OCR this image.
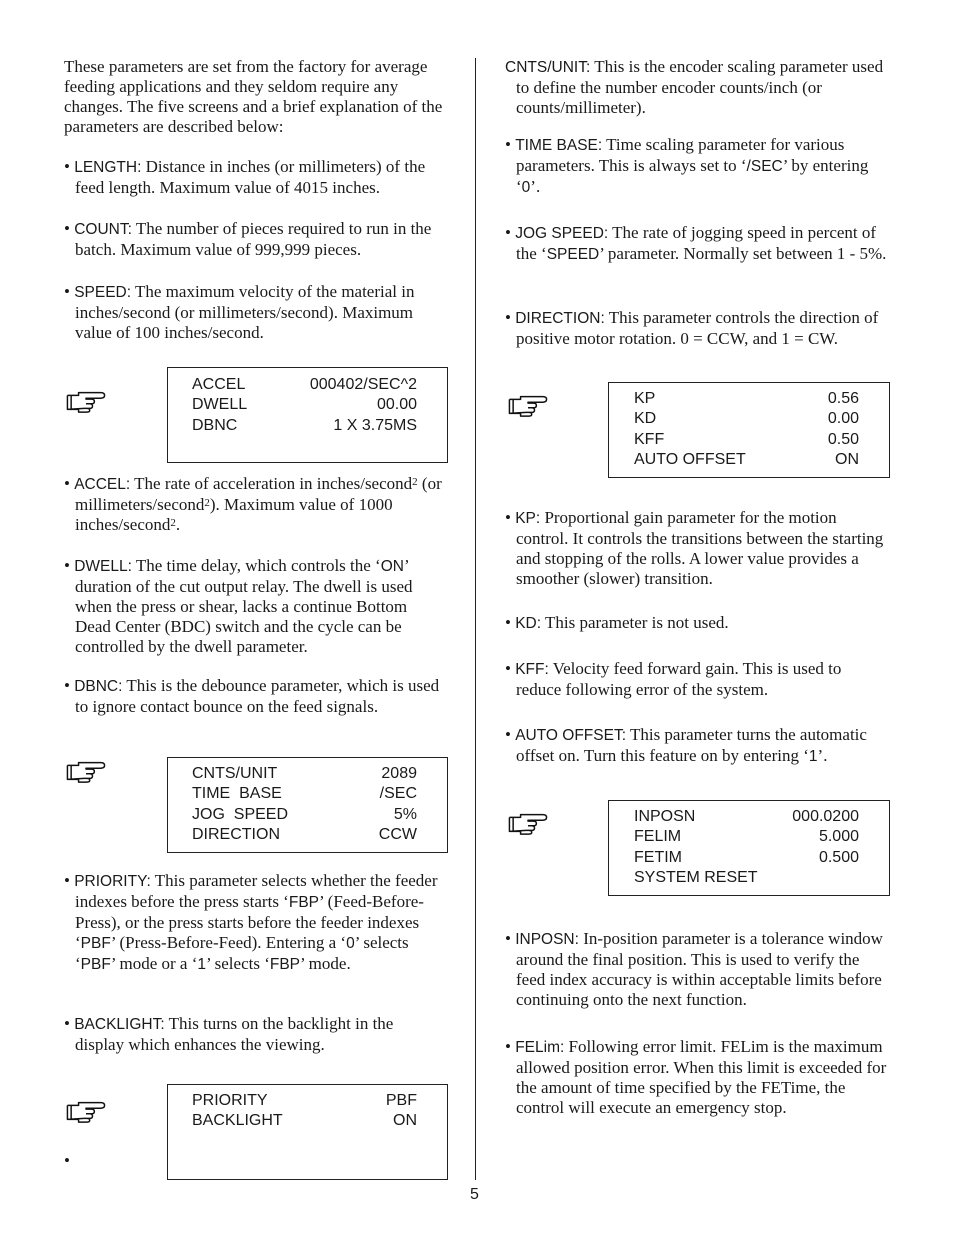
These parameters are set from the factory for average feeding applications and they seldom require any changes. The five screens and a brief explanation of the parameters are described below:
• LENGTH: Distance in inches (or millimeters) of the feed length. Maximum value of 4015 inches.
• COUNT: The number of pieces required to run in the batch. Maximum value of 999,999 pieces.
• SPEED: The maximum velocity of the material in inches/second (or millimeters/second). Maximum value of 100 inches/second.
ACCEL	000402/SEC^2
DWELL	00.00
DBNC	1 X 3.75MS
• ACCEL: The rate of acceleration in inches/second$^2$ (or millimeters/second$^2$). Maximum value of 1000 inches/second$^2$.
• DWELL: The time delay, which controls the ‘ON’ duration of the cut output relay. The dwell is used when the press or shear, lacks a continue Bottom Dead Center (BDC) switch and the cycle can be controlled by the dwell parameter.
• DBNC: This is the debounce parameter, which is used to ignore contact bounce on the feed signals.
CNTS/UNIT	2089
TIME  BASE	/SEC
JOG  SPEED	5%
DIRECTION	CCW
• PRIORITY: This parameter selects whether the feeder indexes before the press starts ‘FBP’ (Feed-Before-Press), or the press starts before the feeder indexes ‘PBF’ (Press-Before-Feed). Entering a ‘0’ selects ‘PBF’ mode or a ‘1’ selects ‘FBP’ mode.
• BACKLIGHT: This turns on the backlight in the display which enhances the viewing.
•
PRIORITY	PBF
BACKLIGHT	ON
CNTS/UNIT: This is the encoder scaling parameter used to define the number encoder counts/inch (or counts/millimeter).
• TIME BASE: Time scaling parameter for various parameters. This is always set to ‘/SEC’ by entering ‘0’.
• JOG SPEED: The rate of jogging speed in percent of the ‘SPEED’ parameter. Normally set between 1 - 5%.
• DIRECTION: This parameter controls the direction of positive motor rotation. 0 = CCW, and 1 = CW.
KP	0.56
KD	0.00
KFF	0.50
AUTO OFFSET	ON
• KP: Proportional gain parameter for the motion control. It controls the transitions between the starting and stopping of the rolls. A lower value provides a smoother (slower) transition.
• KD: This parameter is not used.
• KFF: Velocity feed forward gain. This is used to reduce following error of the system.
• AUTO OFFSET: This parameter turns the automatic offset on. Turn this feature on by entering ‘1’.
INPOSN	000.0200
FELIM	5.000
FETIM	0.500
SYSTEM RESET
• INPOSN: In-position parameter is a tolerance window around the final position. This is used to verify the feed index accuracy is within acceptable limits before continuing onto the next function.
• FELim: Following error limit. FELim is the maximum allowed position error. When this limit is exceeded for the amount of time specified by the FETime, the control will execute an emergency stop.
5
